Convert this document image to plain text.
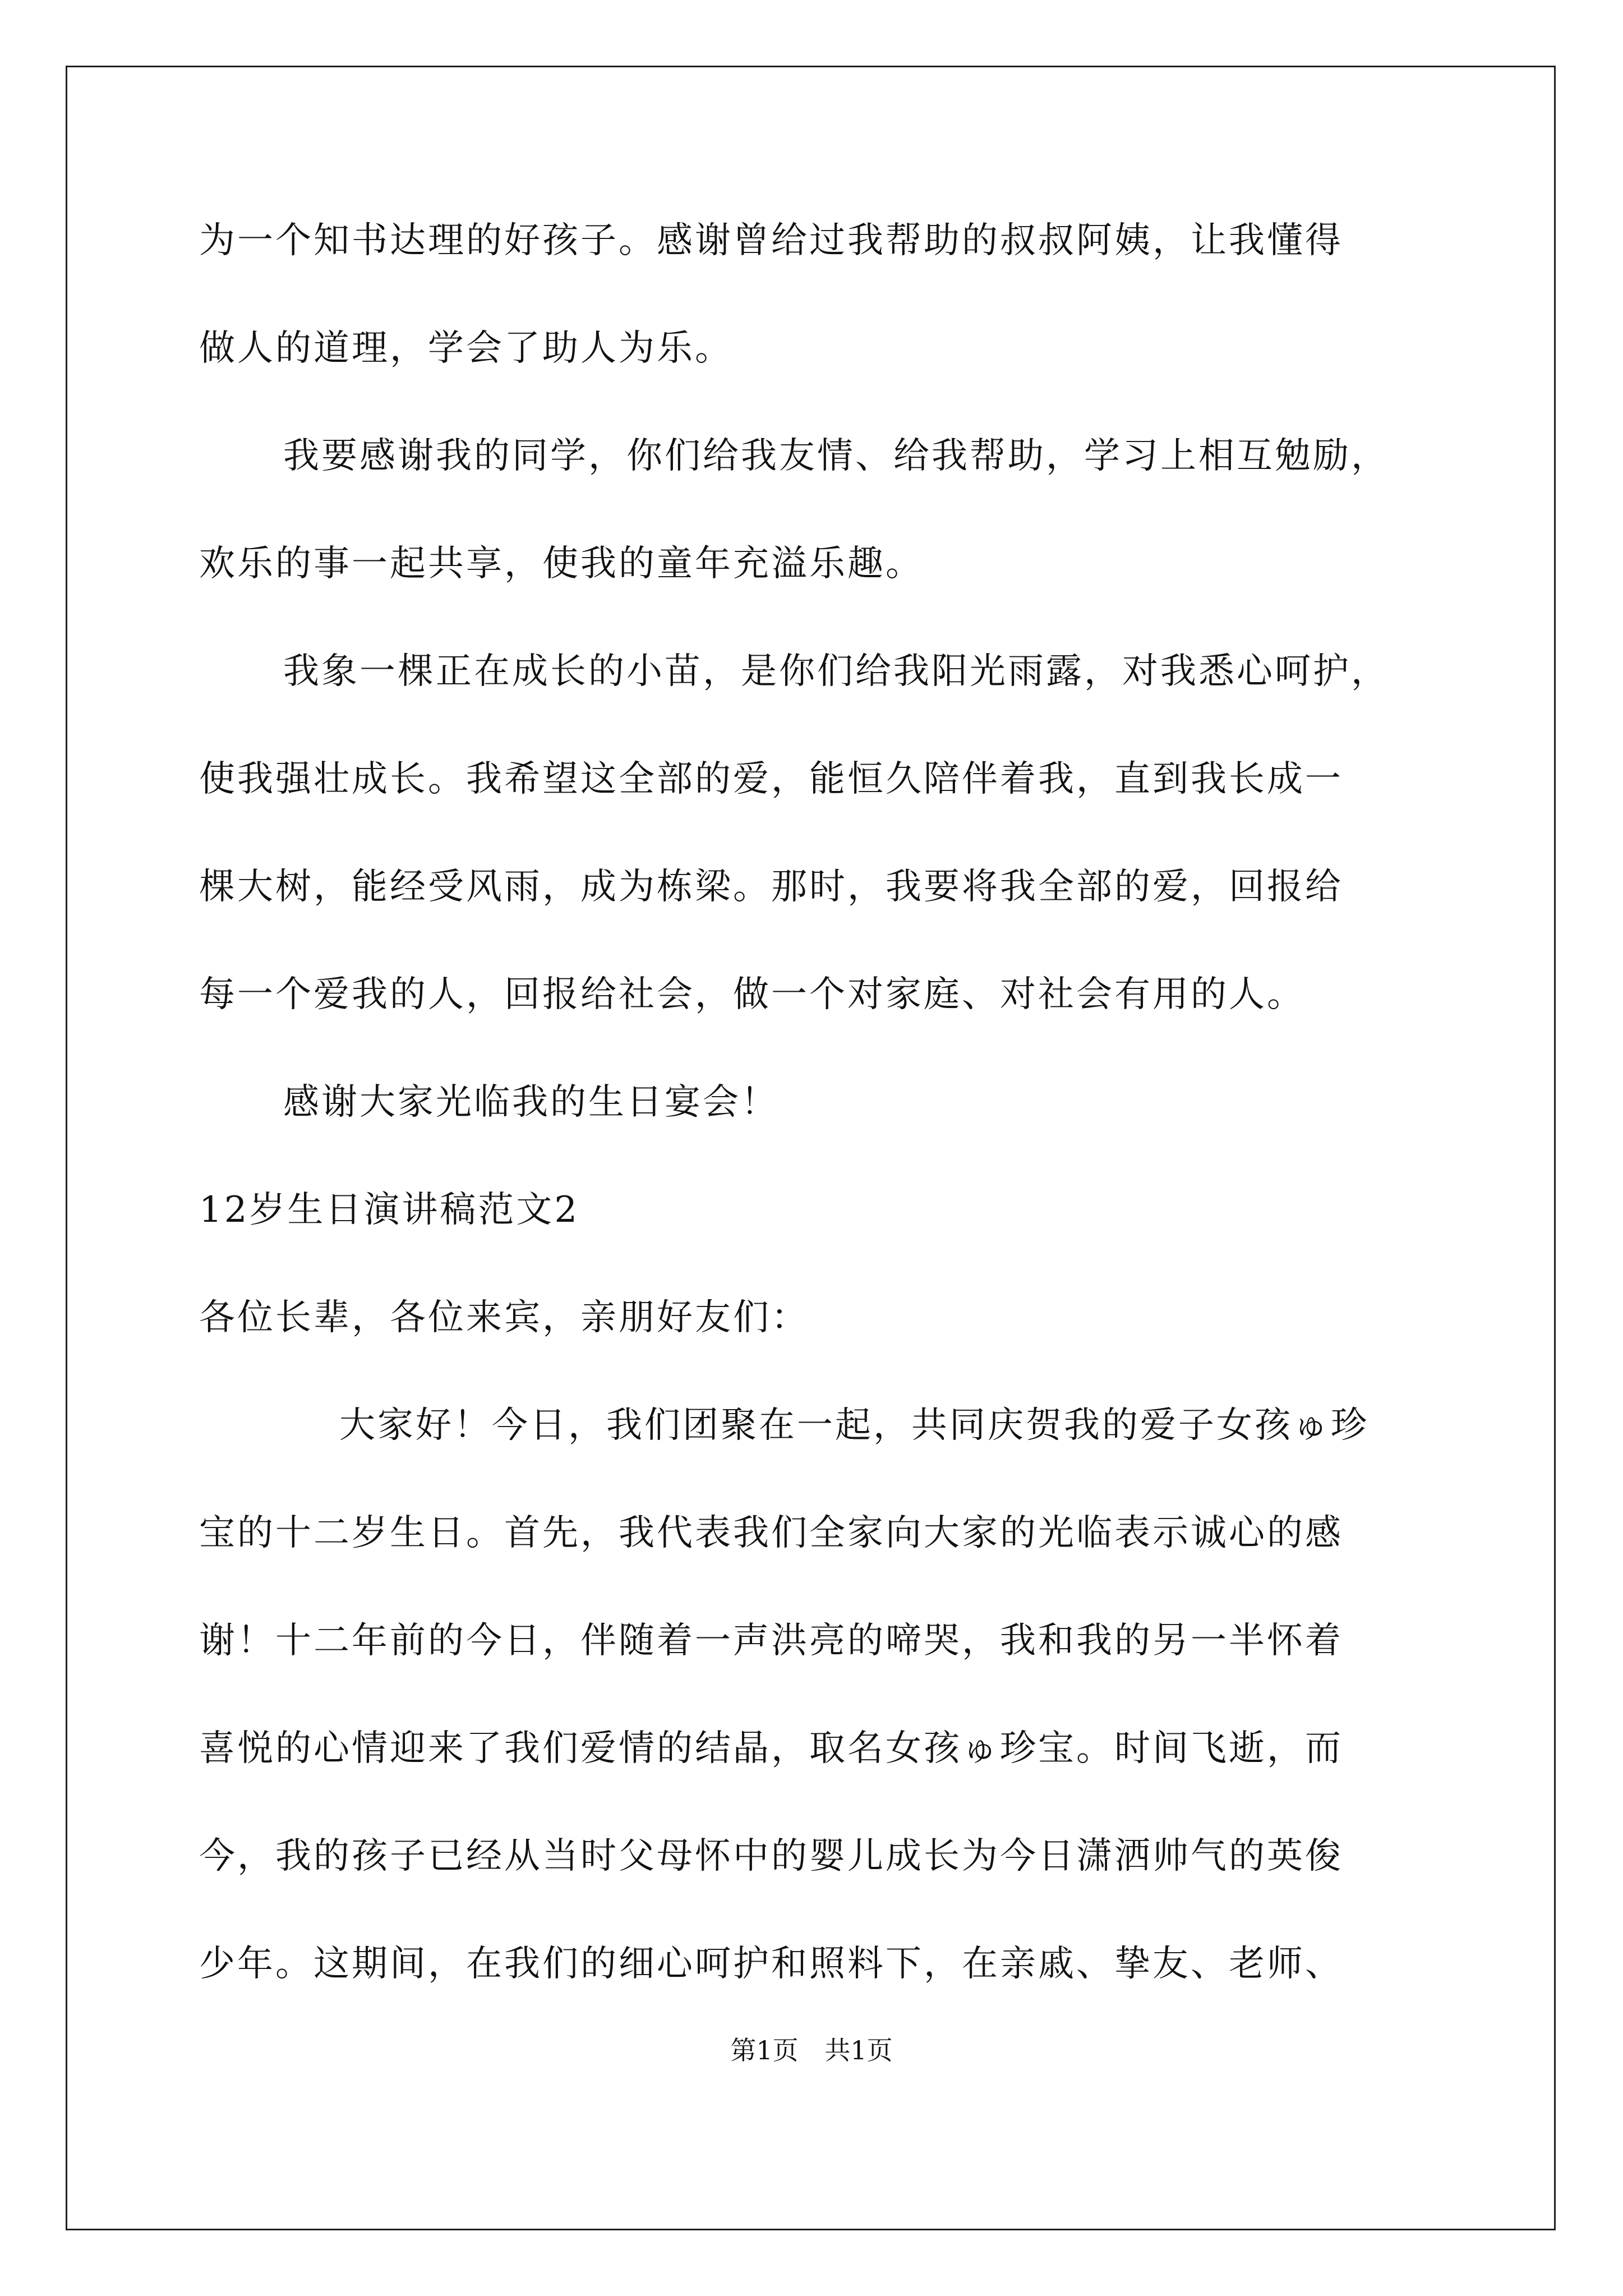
为一个知书达理的好孩子。感谢曾给过我帮助的叔叔阿姨，让我懂得
做人的道理，学会了助人为乐。
我要感谢我的同学，你们给我友情、给我帮助，学习上相互勉励，
欢乐的事一起共享，使我的童年充溢乐趣。
我象一棵正在成长的小苗，是你们给我阳光雨露，对我悉心呵护，
使我强壮成长。我希望这全部的爱，能恒久陪伴着我，直到我长成一
棵大树，能经受风雨，成为栋梁。那时，我要将我全部的爱，回报给
每一个爱我的人，回报给社会，做一个对家庭、对社会有用的人。
感谢大家光临我的生日宴会！
12岁生日演讲稿范文2
各位长辈，各位来宾，亲朋好友们：
大家好！今日，我们团聚在一起，共同庆贺我的爱子女孩ゅ珍
宝的十二岁生日。首先，我代表我们全家向大家的光临表示诚心的感
谢！十二年前的今日，伴随着一声洪亮的啼哭，我和我的另一半怀着
喜悦的心情迎来了我们爱情的结晶，取名女孩ゅ珍宝。时间飞逝，而
今，我的孩子已经从当时父母怀中的婴儿成长为今日潇洒帅气的英俊
少年。这期间，在我们的细心呵护和照料下，在亲戚、挚友、老师、
第1页 共1页
